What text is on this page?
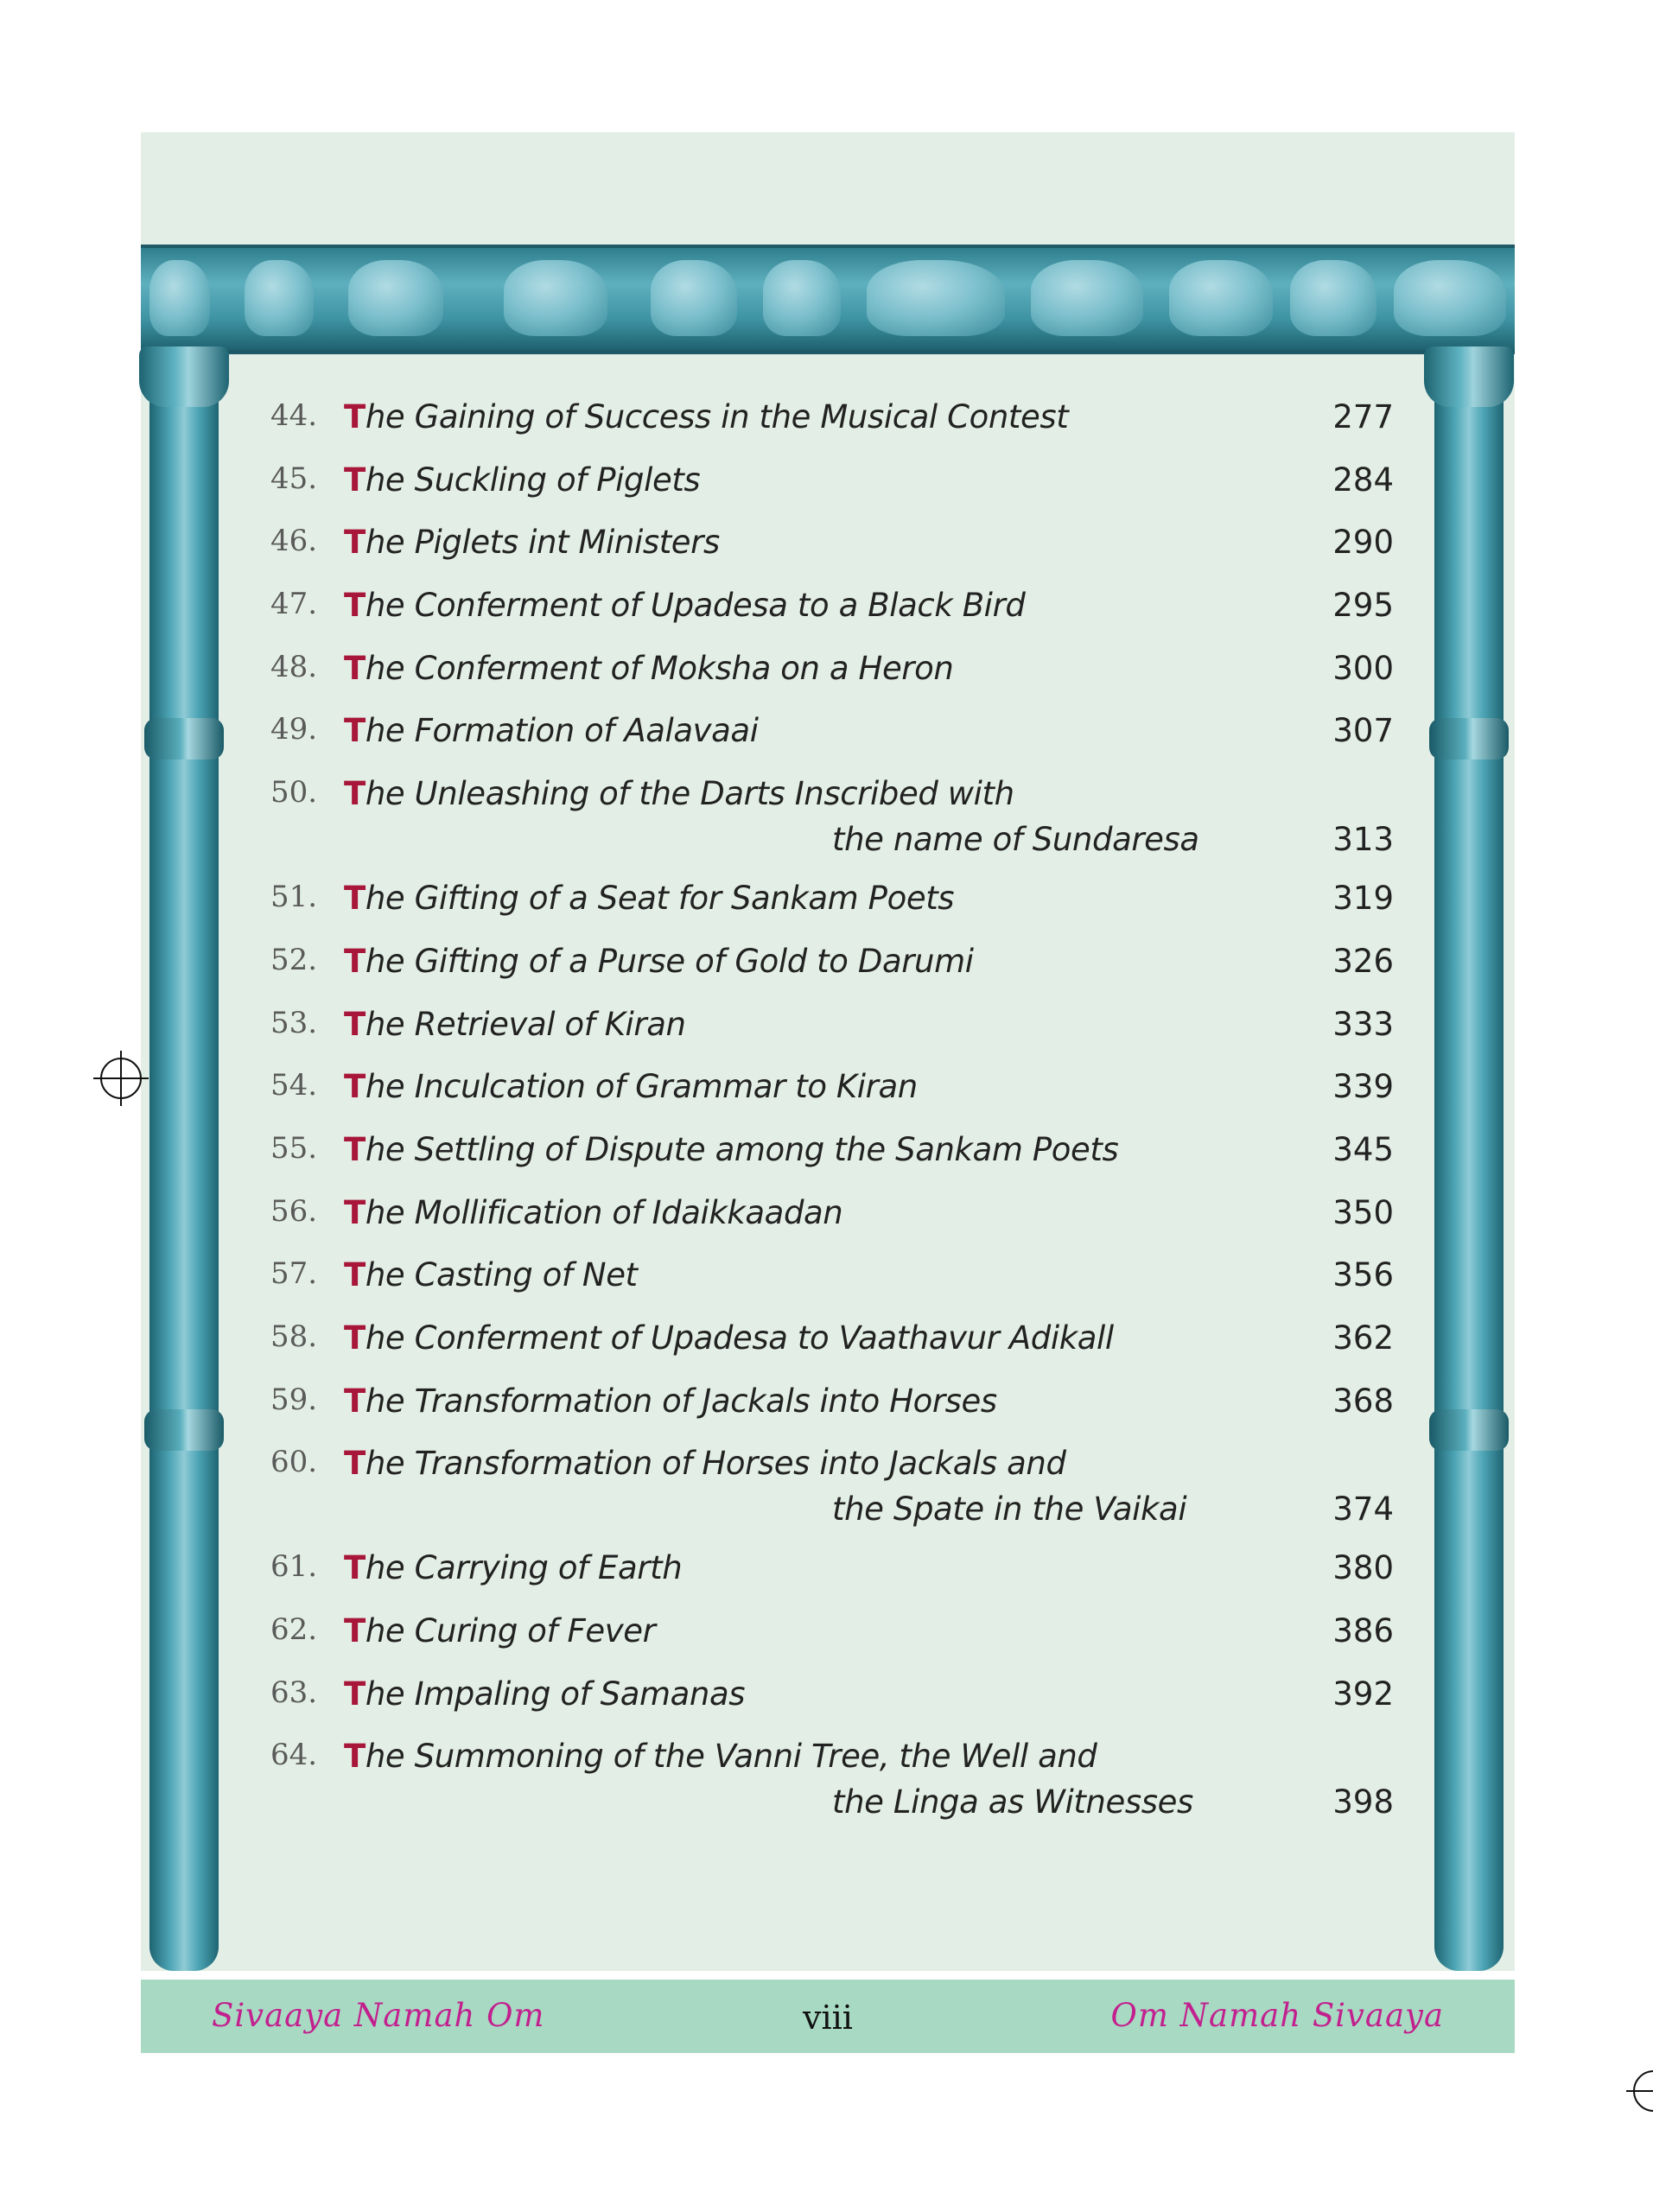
44. The Gaining of Success in the Musical Contest	277
45. The Suckling of Piglets	284
46. The Piglets int Ministers	290
47. The Conferment of Upadesa to a Black Bird	295
48. The Conferment of Moksha on a Heron	300
49. The Formation of Aalavaai	307
50. The Unleashing of the Darts Inscribed with
the name of Sundaresa	313
51. The Gifting of a Seat for Sankam Poets	319
52. The Gifting of a Purse of Gold to Darumi	326
53. The Retrieval of Kiran	333
54. The Inculcation of Grammar to Kiran	339
55. The Settling of Dispute among the Sankam Poets	345
56. The Mollification of Idaikkaadan	350
57. The Casting of Net	356
58. The Conferment of Upadesa to Vaathavur Adikall	362
59. The Transformation of Jackals into Horses	368
60. The Transformation of Horses into Jackals and
the Spate in the Vaikai	374
61. The Carrying of Earth	380
62. The Curing of Fever	386
63. The Impaling of Samanas	392
64. The Summoning of the Vanni Tree, the Well and
the Linga as Witnesses	398
Sivaaya Namah Om	viii	Om Namah Sivaaya
